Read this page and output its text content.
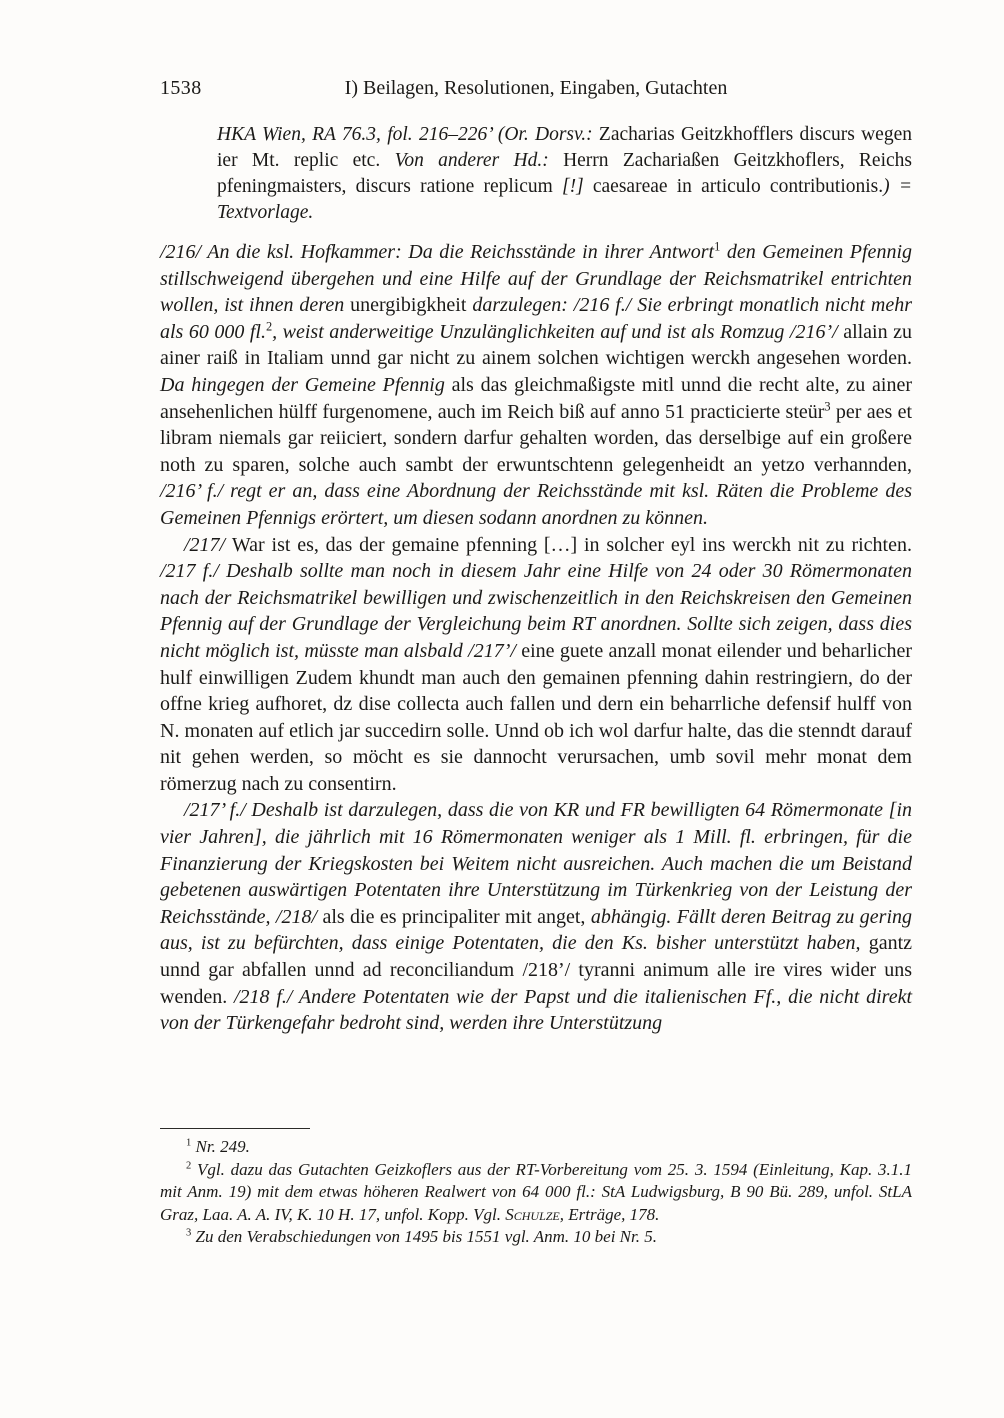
1538	I) Beilagen, Resolutionen, Eingaben, Gutachten
HKA Wien, RA 76.3, fol. 216–226’ (Or. Dorsv.: Zacharias Geitzkhofflers discurs wegen ier Mt. replic etc. Von anderer Hd.: Herrn Zachariaßen Geitzkhoflers, Reichs pfeningmaisters, discurs ratione replicum [!] caesareae in articulo contributionis.) = Textvorlage.

/216/ An die ksl. Hofkammer: Da die Reichsstände in ihrer Antwort$^1$ den Gemeinen Pfennig stillschweigend übergehen und eine Hilfe auf der Grundlage der Reichsmatrikel entrichten wollen, ist ihnen deren unergibigkheit darzulegen: /216 f./ Sie erbringt monatlich nicht mehr als 60 000 fl.$^2$, weist anderweitige Unzulänglichkeiten auf und ist als Romzug /216’/ allain zu ainer raiß in Italiam unnd gar nicht zu ainem solchen wichtigen werckh angesehen worden. Da hingegen der Gemeine Pfennig als das gleichmaßigste mitl unnd die recht alte, zu ainer ansehenlichen hülff furgenomene, auch im Reich biß auf anno 51 practicierte steür$^3$ per aes et libram niemals gar reiiciert, sondern darfur gehalten worden, das derselbige auf ein großere noth zu sparen, solche auch sambt der erwuntschtenn gelegenheidt an yetzo verhannden, /216’ f./ regt er an, dass eine Abordnung der Reichsstände mit ksl. Räten die Probleme des Gemeinen Pfennigs erörtert, um diesen sodann anordnen zu können.

/217/ War ist es, das der gemaine pfenning […] in solcher eyl ins werckh nit zu richten. /217 f./ Deshalb sollte man noch in diesem Jahr eine Hilfe von 24 oder 30 Römermonaten nach der Reichsmatrikel bewilligen und zwischenzeitlich in den Reichskreisen den Gemeinen Pfennig auf der Grundlage der Vergleichung beim RT anordnen. Sollte sich zeigen, dass dies nicht möglich ist, müsste man alsbald /217’/ eine guete anzall monat eilender und beharlicher hulf einwilligen Zudem khundt man auch den gemainen pfenning dahin restringiern, do der offne krieg aufhoret, dz dise collecta auch fallen und dern ein beharrliche defensif hulff von N. monaten auf etlich jar succedirn solle. Unnd ob ich wol darfur halte, das die stenndt darauf nit gehen werden, so möcht es sie dannocht verursachen, umb sovil mehr monat dem römerzug nach zu consentirn.

/217’ f./ Deshalb ist darzulegen, dass die von KR und FR bewilligten 64 Römermonate [in vier Jahren], die jährlich mit 16 Römermonaten weniger als 1 Mill. fl. erbringen, für die Finanzierung der Kriegskosten bei Weitem nicht ausreichen. Auch machen die um Beistand gebetenen auswärtigen Potentaten ihre Unterstützung im Türkenkrieg von der Leistung der Reichsstände, /218/ als die es principaliter mit anget, abhängig. Fällt deren Beitrag zu gering aus, ist zu befürchten, dass einige Potentaten, die den Ks. bisher unterstützt haben, gantz unnd gar abfallen unnd ad reconciliandum /218’/ tyranni animum alle ire vires wider uns wenden. /218 f./ Andere Potentaten wie der Papst und die italienischen Ff., die nicht direkt von der Türkengefahr bedroht sind, werden ihre Unterstützung

$^1$ Nr. 249.

$^2$ Vgl. dazu das Gutachten Geizkoflers aus der RT-Vorbereitung vom 25. 3. 1594 (Einleitung, Kap. 3.1.1 mit Anm. 19) mit dem etwas höheren Realwert von 64 000 fl.: StA Ludwigsburg, B 90 Bü. 289, unfol. StLA Graz, Laa. A. A. IV, K. 10 H. 17, unfol. Kopp. Vgl. Schulze, Erträge, 178.

$^3$ Zu den Verabschiedungen von 1495 bis 1551 vgl. Anm. 10 bei Nr. 5.
